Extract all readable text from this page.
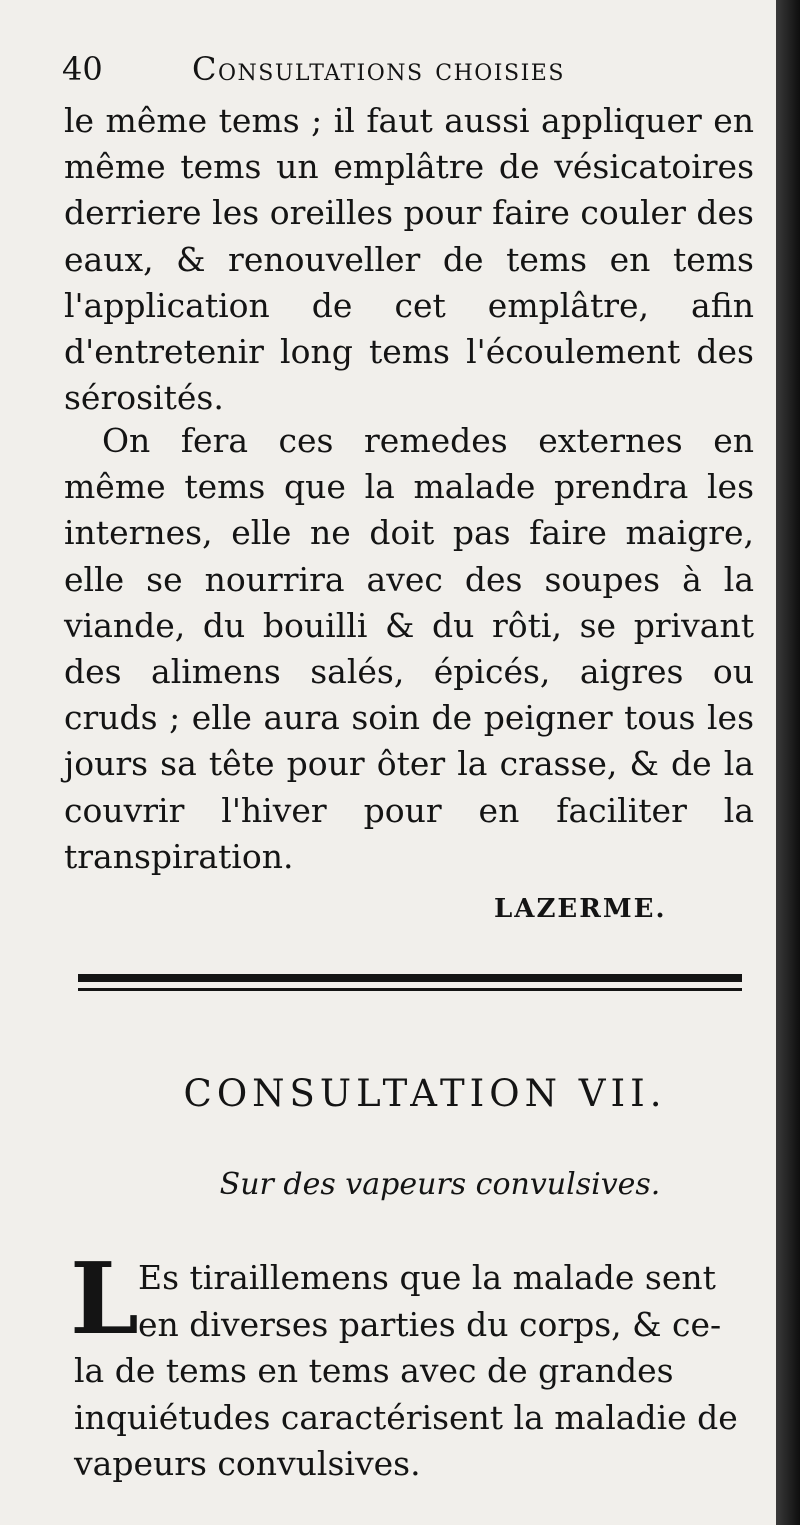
40	Consultations choisies
le même tems ; il faut aussi appliquer en même tems un emplâtre de vésicatoires derriere les oreilles pour faire couler des eaux, & renouveller de tems en tems l'application de cet emplâtre, afin d'entretenir long tems l'écoulement des sérosités.
On fera ces remedes externes en même tems que la malade prendra les internes, elle ne doit pas faire maigre, elle se nourrira avec des soupes à la viande, du bouilli & du rôti, se privant des alimens salés, épicés, aigres ou cruds ; elle aura soin de peigner tous les jours sa tête pour ôter la crasse, & de la couvrir l'hiver pour en faciliter la transpiration.
LAZERME.
CONSULTATION VII.
Sur des vapeurs convulsives.
L Es tiraillemens que la malade sent
en diverses parties du corps, & ce-
la de tems en tems avec de grandes
inquiétudes caractérisent la maladie de
vapeurs convulsives.
